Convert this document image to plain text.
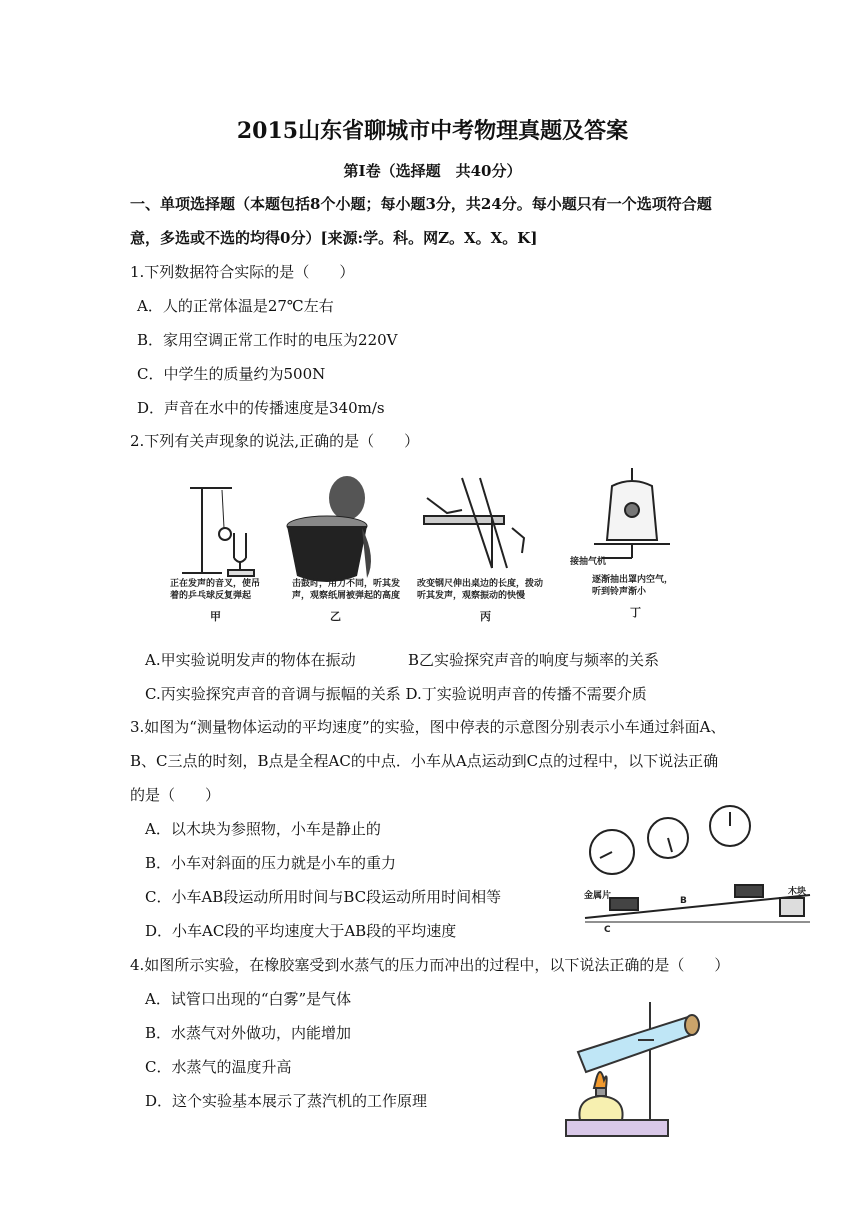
2015山东省聊城市中考物理真题及答案
第Ⅰ卷（选择题　共40分）
一、单项选择题（本题包括8个小题；每小题3分，共24分。每小题只有一个选项符合题
意，多选或不选的均得0分）[来源:学。科。网Z。X。X。K]
1.下列数据符合实际的是（　　）
A．人的正常体温是27℃左右
B．家用空调正常工作时的电压为220V
C．中学生的质量约为500N
D．声音在水中的传播速度是340m/s
2.下列有关声现象的说法,正确的是（　　）
正在发声的音叉，使吊
着的乒乓球反复弹起
甲
击鼓时，用力不同，听其发
声，观察纸屑被弹起的高度
乙
改变钢尺伸出桌边的长度，拨动
听其发声，观察振动的快慢
丙
接抽气机
逐渐抽出罩内空气，
听到铃声渐小
丁
A.甲实验说明发声的物体在振动	B乙实验探究声音的响度与频率的关系
C.丙实验探究声音的音调与振幅的关系 D.丁实验说明声音的传播不需要介质
3.如图为“测量物体运动的平均速度”的实验，图中停表的示意图分别表示小车通过斜面A、
B、C三点的时刻，B点是全程AC的中点．小车从A点运动到C点的过程中，以下说法正确
的是（　　）
A．以木块为参照物，小车是静止的
B．小车对斜面的压力就是小车的重力
C．小车AB段运动所用时间与BC段运动所用时间相等
D．小车AC段的平均速度大于AB段的平均速度
金属片	B
C
木块
4.如图所示实验，在橡胶塞受到水蒸气的压力而冲出的过程中，以下说法正确的是（　　）
A．试管口出现的“白雾”是气体
B．水蒸气对外做功，内能增加
C．水蒸气的温度升高
D．这个实验基本展示了蒸汽机的工作原理
